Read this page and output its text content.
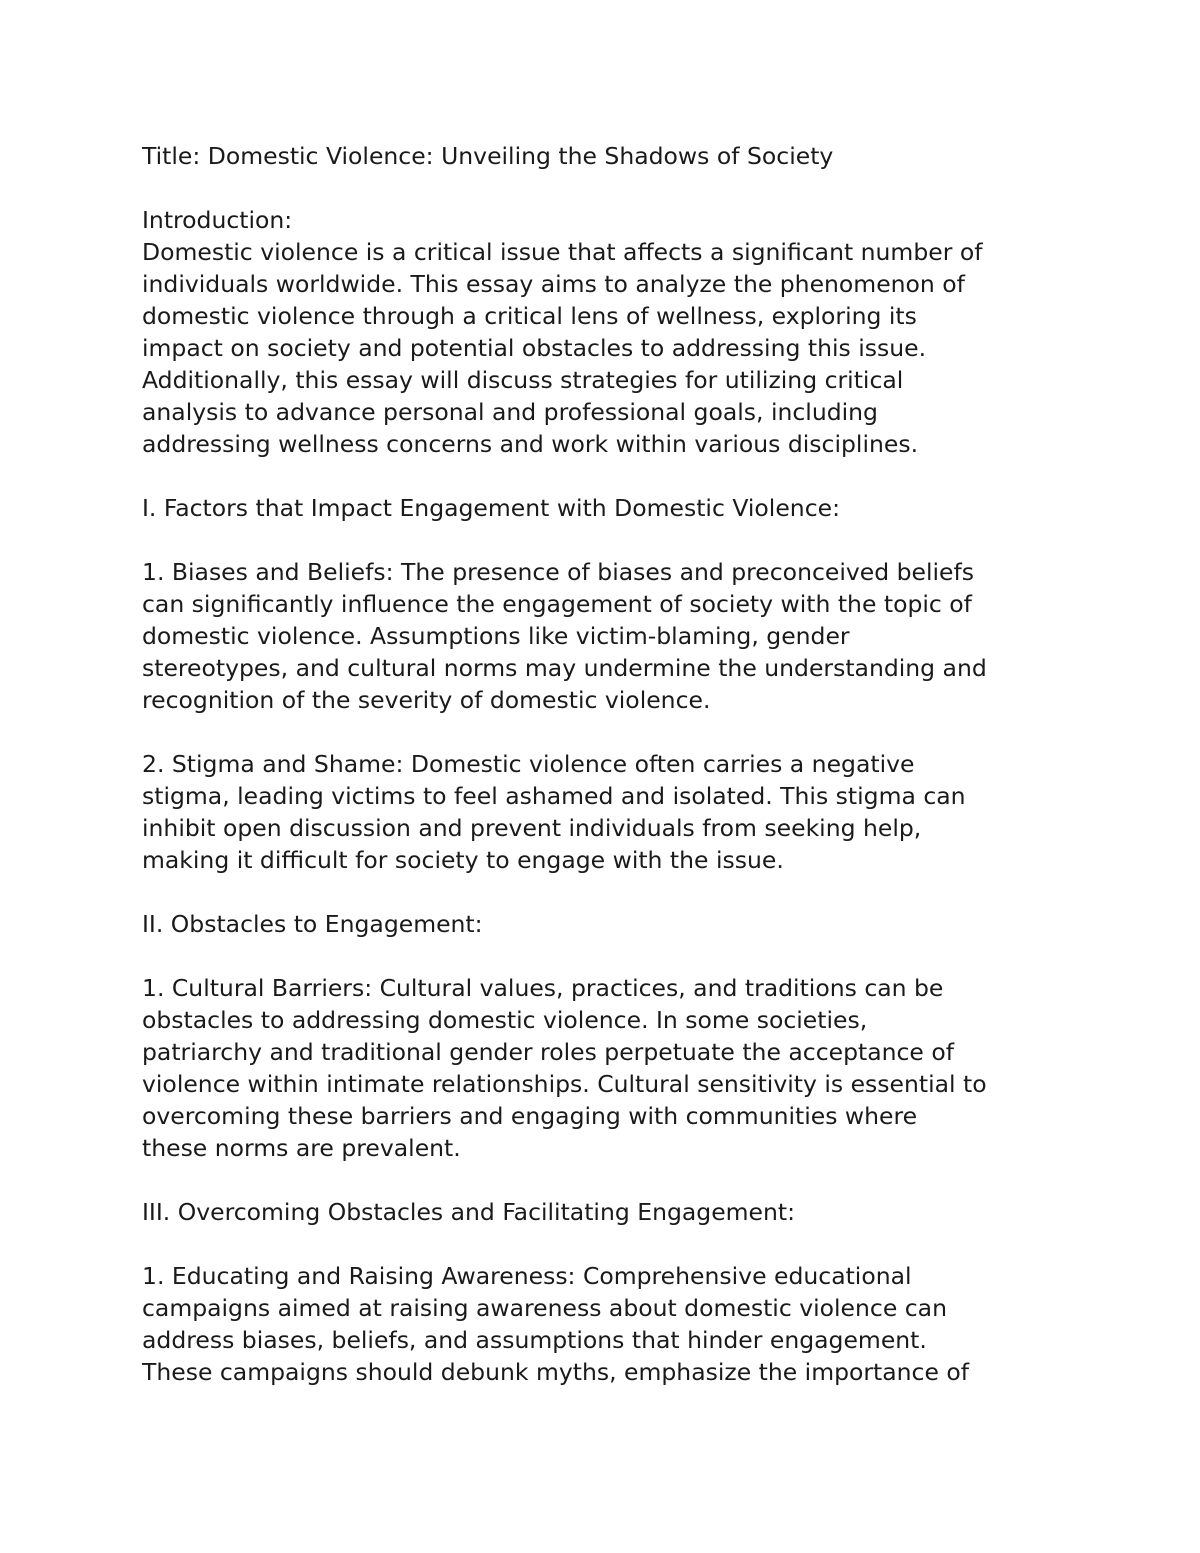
Title: Domestic Violence: Unveiling the Shadows of Society
Introduction:
Domestic violence is a critical issue that affects a significant number of
individuals worldwide. This essay aims to analyze the phenomenon of
domestic violence through a critical lens of wellness, exploring its
impact on society and potential obstacles to addressing this issue.
Additionally, this essay will discuss strategies for utilizing critical
analysis to advance personal and professional goals, including
addressing wellness concerns and work within various disciplines.
I. Factors that Impact Engagement with Domestic Violence:
1. Biases and Beliefs: The presence of biases and preconceived beliefs
can significantly influence the engagement of society with the topic of
domestic violence. Assumptions like victim-blaming, gender
stereotypes, and cultural norms may undermine the understanding and
recognition of the severity of domestic violence.
2. Stigma and Shame: Domestic violence often carries a negative
stigma, leading victims to feel ashamed and isolated. This stigma can
inhibit open discussion and prevent individuals from seeking help,
making it difficult for society to engage with the issue.
II. Obstacles to Engagement:
1. Cultural Barriers: Cultural values, practices, and traditions can be
obstacles to addressing domestic violence. In some societies,
patriarchy and traditional gender roles perpetuate the acceptance of
violence within intimate relationships. Cultural sensitivity is essential to
overcoming these barriers and engaging with communities where
these norms are prevalent.
III. Overcoming Obstacles and Facilitating Engagement:
1. Educating and Raising Awareness: Comprehensive educational
campaigns aimed at raising awareness about domestic violence can
address biases, beliefs, and assumptions that hinder engagement.
These campaigns should debunk myths, emphasize the importance of
